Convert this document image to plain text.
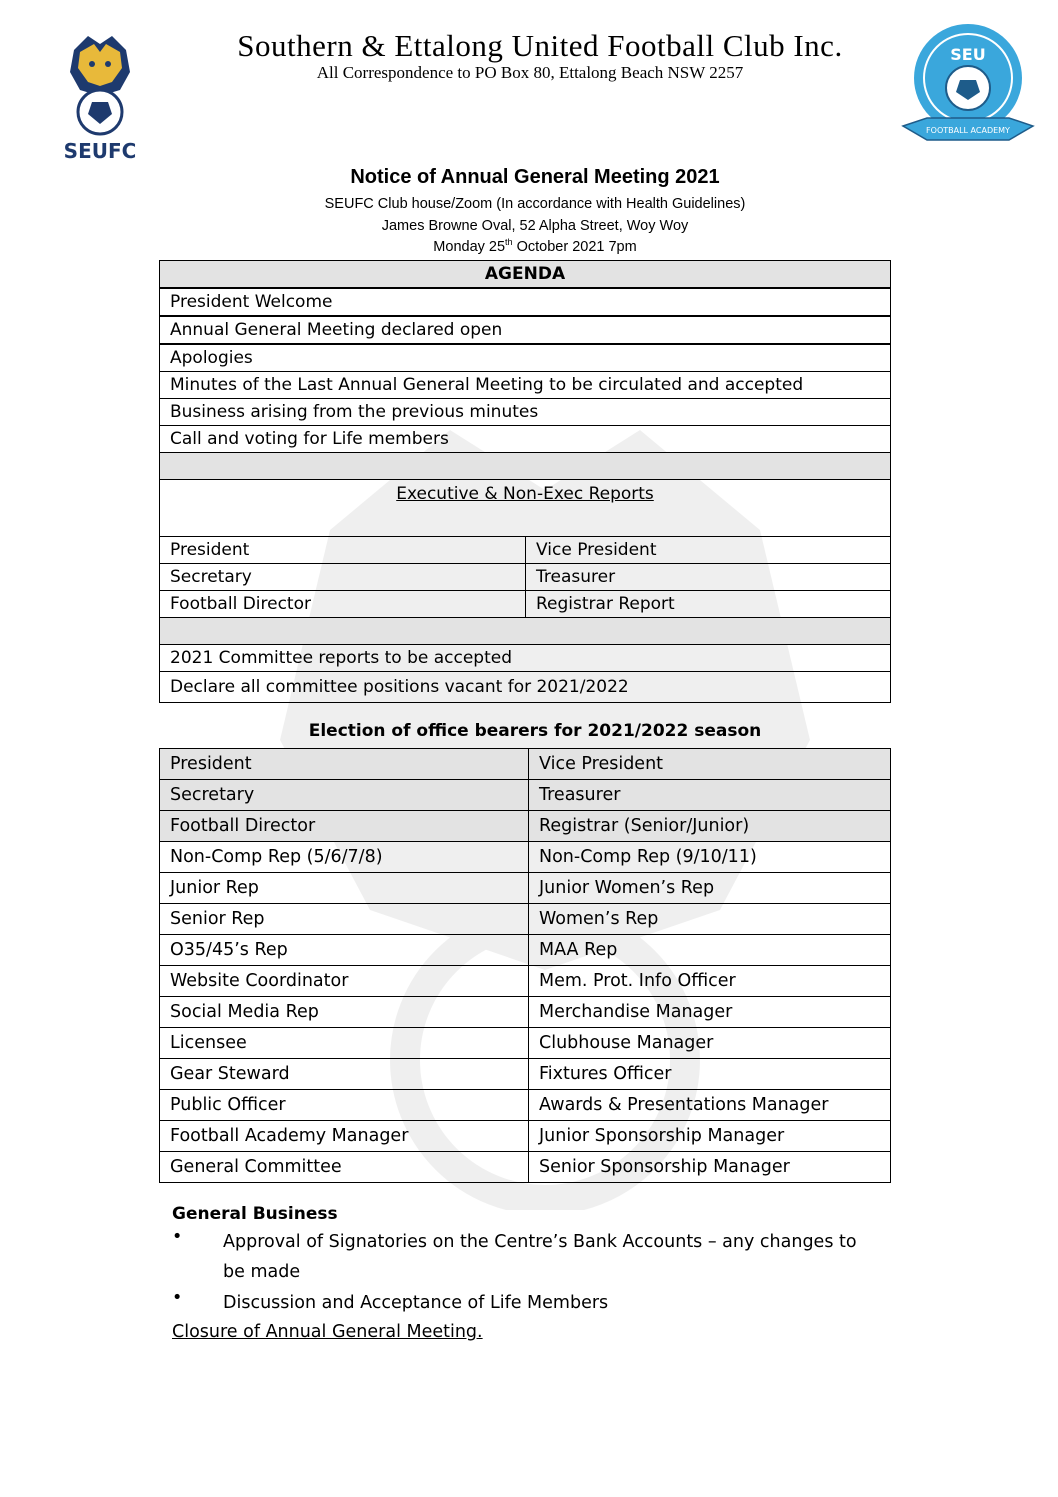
SEUFC
Southern & Ettalong United Football Club Inc.
All Correspondence to PO Box 80, Ettalong Beach NSW 2257
SEU
FOOTBALL ACADEMY
Notice of Annual General Meeting 2021
SEUFC Club house/Zoom (In accordance with Health Guidelines)
James Browne Oval, 52 Alpha Street, Woy Woy
Monday 25th October 2021 7pm
AGENDA	
President Welcome	
Annual General Meeting declared open	
Apologies	
Minutes of the Last Annual General Meeting to be circulated and accepted	
Business arising from the previous minutes	
Call and voting for Life members	

Executive & Non-Exec Reports	
President	Vice President
Secretary	Treasurer
Football Director	Registrar Report

2021 Committee reports to be accepted	
Declare all committee positions vacant for 2021/2022	
Election of office bearers for 2021/2022 season
President	Vice President
Secretary	Treasurer
Football Director	Registrar (Senior/Junior)
Non-Comp Rep (5/6/7/8)	Non-Comp Rep (9/10/11)
Junior Rep	Junior Women’s Rep
Senior Rep	Women’s Rep
O35/45’s Rep	MAA Rep
Website Coordinator	Mem. Prot. Info Officer
Social Media Rep	Merchandise Manager
Licensee	Clubhouse Manager
Gear Steward	Fixtures Officer
Public Officer	Awards & Presentations Manager
Football Academy Manager	Junior Sponsorship Manager
General Committee	Senior Sponsorship Manager
General Business
• Approval of Signatories on the Centre’s Bank Accounts – any changes to be made
• Discussion and Acceptance of Life Members
Closure of Annual General Meeting.
